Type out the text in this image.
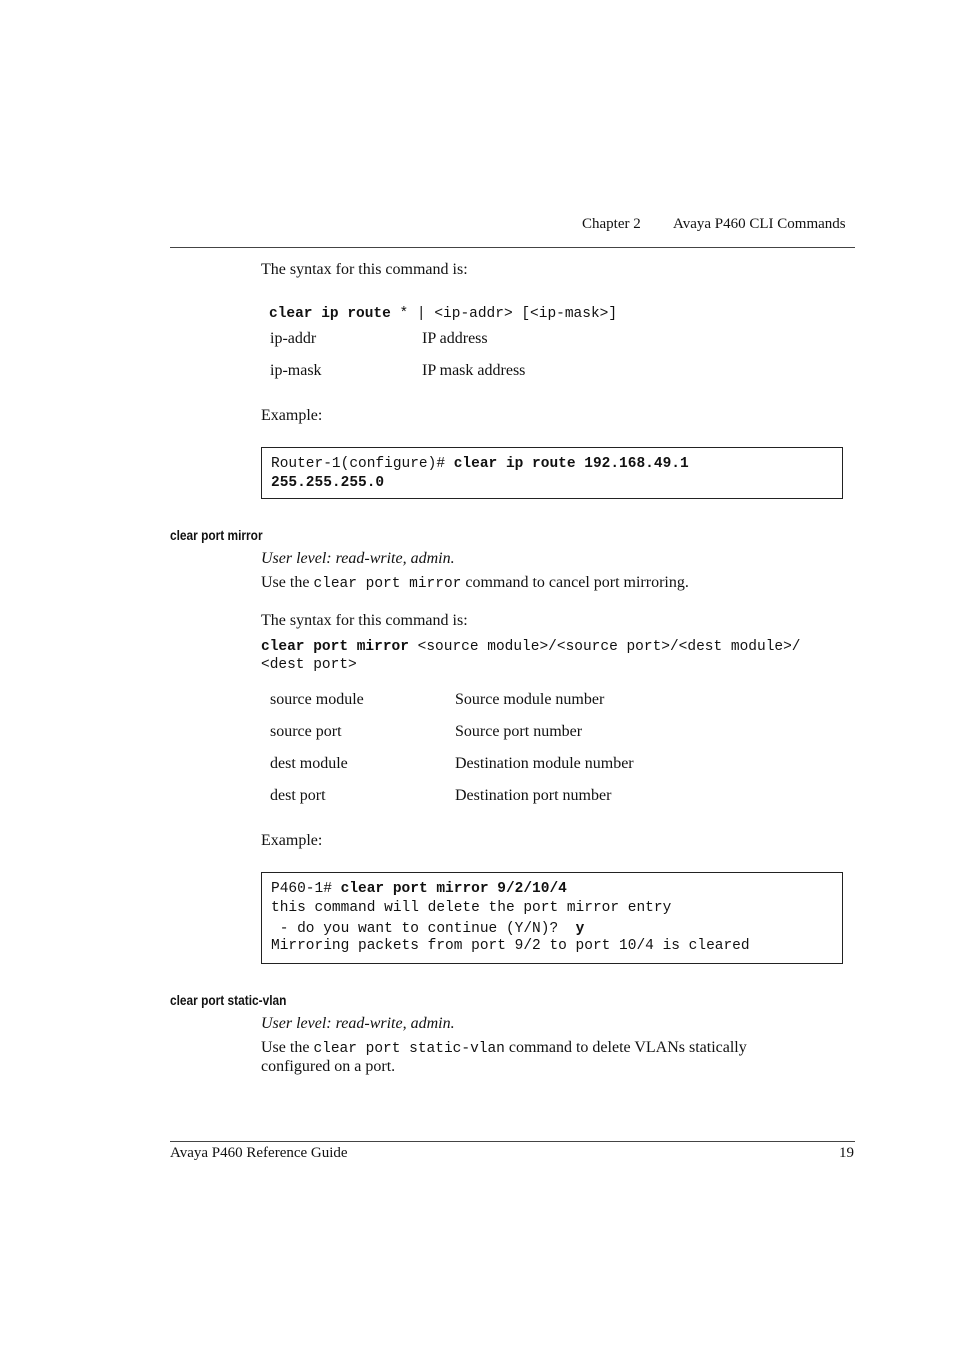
Chapter 2 Avaya P460 CLI Commands
The syntax for this command is:

clear ip route * | <ip-addr> [<ip-mask>]

ip-addr	IP address
ip-mask	IP mask address
Example:
Router-1(configure)# clear ip route 192.168.49.1
255.255.255.0
clear port mirror
User level: read-write, admin.
Use the clear port mirror command to cancel port mirroring.
The syntax for this command is:
clear port mirror <source module>/<source port>/<dest module>/
<dest port>
source module	Source module number
source port	Source port number
dest module	Destination module number
dest port	Destination port number
Example:
P460-1# clear port mirror 9/2/10/4
this command will delete the port mirror entry
- do you want to continue (Y/N)?  y
Mirroring packets from port 9/2 to port 10/4 is cleared
clear port static-vlan
User level: read-write, admin.
Use the clear port static-vlan command to delete VLANs statically
configured on a port.
Avaya P460 Reference Guide	19
